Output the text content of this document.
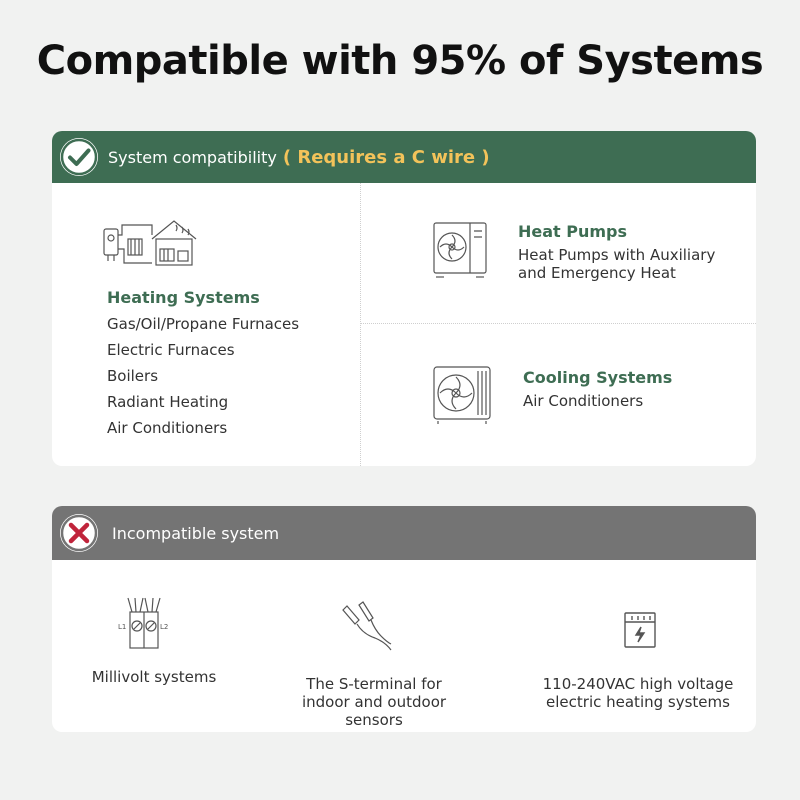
Compatible with 95% of Systems
System compatibility ( Requires a C wire )
Heating Systems
Gas/Oil/Propane Furnaces
Electric Furnaces
Boilers
Radiant Heating
Air Conditioners
Heat Pumps
Heat Pumps with Auxiliary
and Emergency Heat
Cooling Systems
Air Conditioners
Incompatible system
L1	L2
Millivolt systems	The S-terminal for
indoor and outdoor
sensors
110-240VAC high voltage
electric heating systems
